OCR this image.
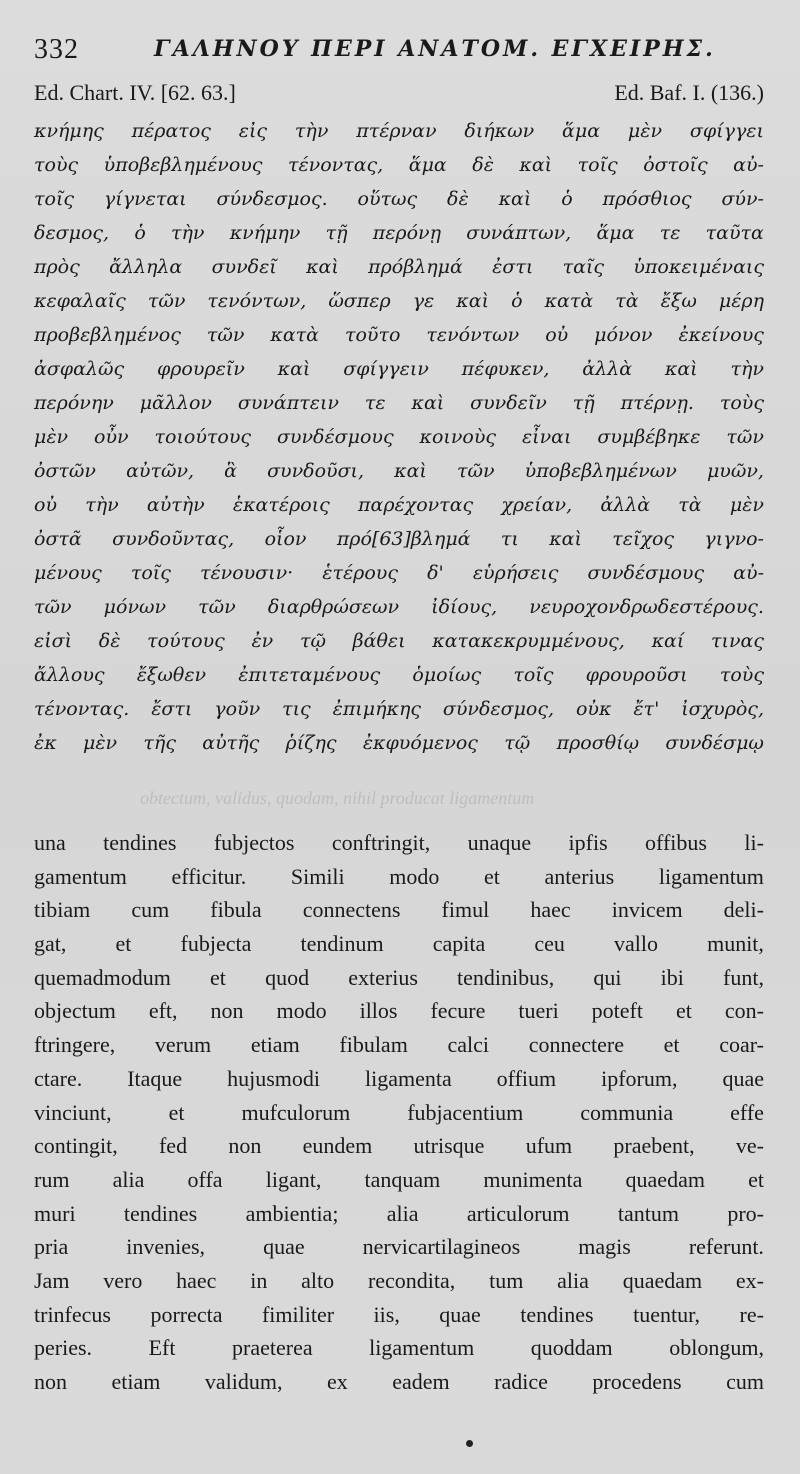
332	ΓΑΛΗΝΟΥ ΠΕΡΙ ΑΝΑΤΟΜ. ΕΓΧΕΙΡΗΣ.
Ed. Chart. IV. [62. 63.]	Ed. Baf. I. (136.)
κνήμης πέρατος εἰς τὴν πτέρναν διήκων ἅμα μὲν σφίγγει
τοὺς ὑποβεβλημένους τένοντας, ἅμα δὲ καὶ τοῖς ὀστοῖς αὐ-
τοῖς γίγνεται σύνδεσμος. οὕτως δὲ καὶ ὁ πρόσθιος σύν-
δεσμος, ὁ τὴν κνήμην τῇ περόνῃ συνάπτων, ἅμα τε ταῦτα
πρὸς ἄλληλα συνδεῖ καὶ πρόβλημά ἐστι ταῖς ὑποκειμέναις
κεφαλαῖς τῶν τενόντων, ὥσπερ γε καὶ ὁ κατὰ τὰ ἔξω μέρη
προβεβλημένος τῶν κατὰ τοῦτο τενόντων οὐ μόνον ἐκείνους
ἀσφαλῶς φρουρεῖν καὶ σφίγγειν πέφυκεν, ἀλλὰ καὶ τὴν
περόνην μᾶλλον συνάπτειν τε καὶ συνδεῖν τῇ πτέρνῃ. τοὺς
μὲν οὖν τοιούτους συνδέσμους κοινοὺς εἶναι συμβέβηκε τῶν
ὀστῶν αὐτῶν, ἃ συνδοῦσι, καὶ τῶν ὑποβεβλημένων μυῶν,
οὐ τὴν αὐτὴν ἑκατέροις παρέχοντας χρείαν, ἀλλὰ τὰ μὲν
ὀστᾶ συνδοῦντας, οἷον πρό[63]βλημά τι καὶ τεῖχος γιγνο-
μένους τοῖς τένουσιν· ἑτέρους δ' εὑρήσεις συνδέσμους αὐ-
τῶν μόνων τῶν διαρθρώσεων ἰδίους, νευροχονδρωδεστέρους.
εἰσὶ δὲ τούτους ἐν τῷ βάθει κατακεκρυμμένους, καί τινας
ἄλλους ἔξωθεν ἐπιτεταμένους ὁμοίως τοῖς φρουροῦσι τοὺς
τένοντας. ἔστι γοῦν τις ἐπιμήκης σύνδεσμος, οὐκ ἔτ' ἰσχυρὸς,
ἐκ μὲν τῆς αὐτῆς ῥίζης ἐκφυόμενος τῷ προσθίῳ συνδέσμῳ
obtectum, validus, quodam, nihil producat ligamentum
una tendines fubjectos conftringit, unaque ipfis offibus li-
gamentum efficitur. Simili modo et anterius ligamentum
tibiam cum fibula connectens fimul haec invicem deli-
gat, et fubjecta tendinum capita ceu vallo munit,
quemadmodum et quod exterius tendinibus, qui ibi funt,
objectum eft, non modo illos fecure tueri poteft et con-
ftringere, verum etiam fibulam calci connectere et coar-
ctare. Itaque hujusmodi ligamenta offium ipforum, quae
vinciunt,	et	mufculorum	fubjacentium	communia	effe
contingit, fed non eundem utrisque ufum praebent, ve-
rum alia offa ligant, tanquam munimenta quaedam et
muri tendines ambientia; alia articulorum tantum pro-
pria	invenies,	quae	nervicartilagineos	magis	referunt.
Jam vero haec in alto recondita, tum alia quaedam ex-
trinfecus porrecta fimiliter iis, quae tendines tuentur, re-
peries.	Eft	praeterea	ligamentum	quoddam	oblongum,
non etiam validum, ex eadem radice procedens cum
